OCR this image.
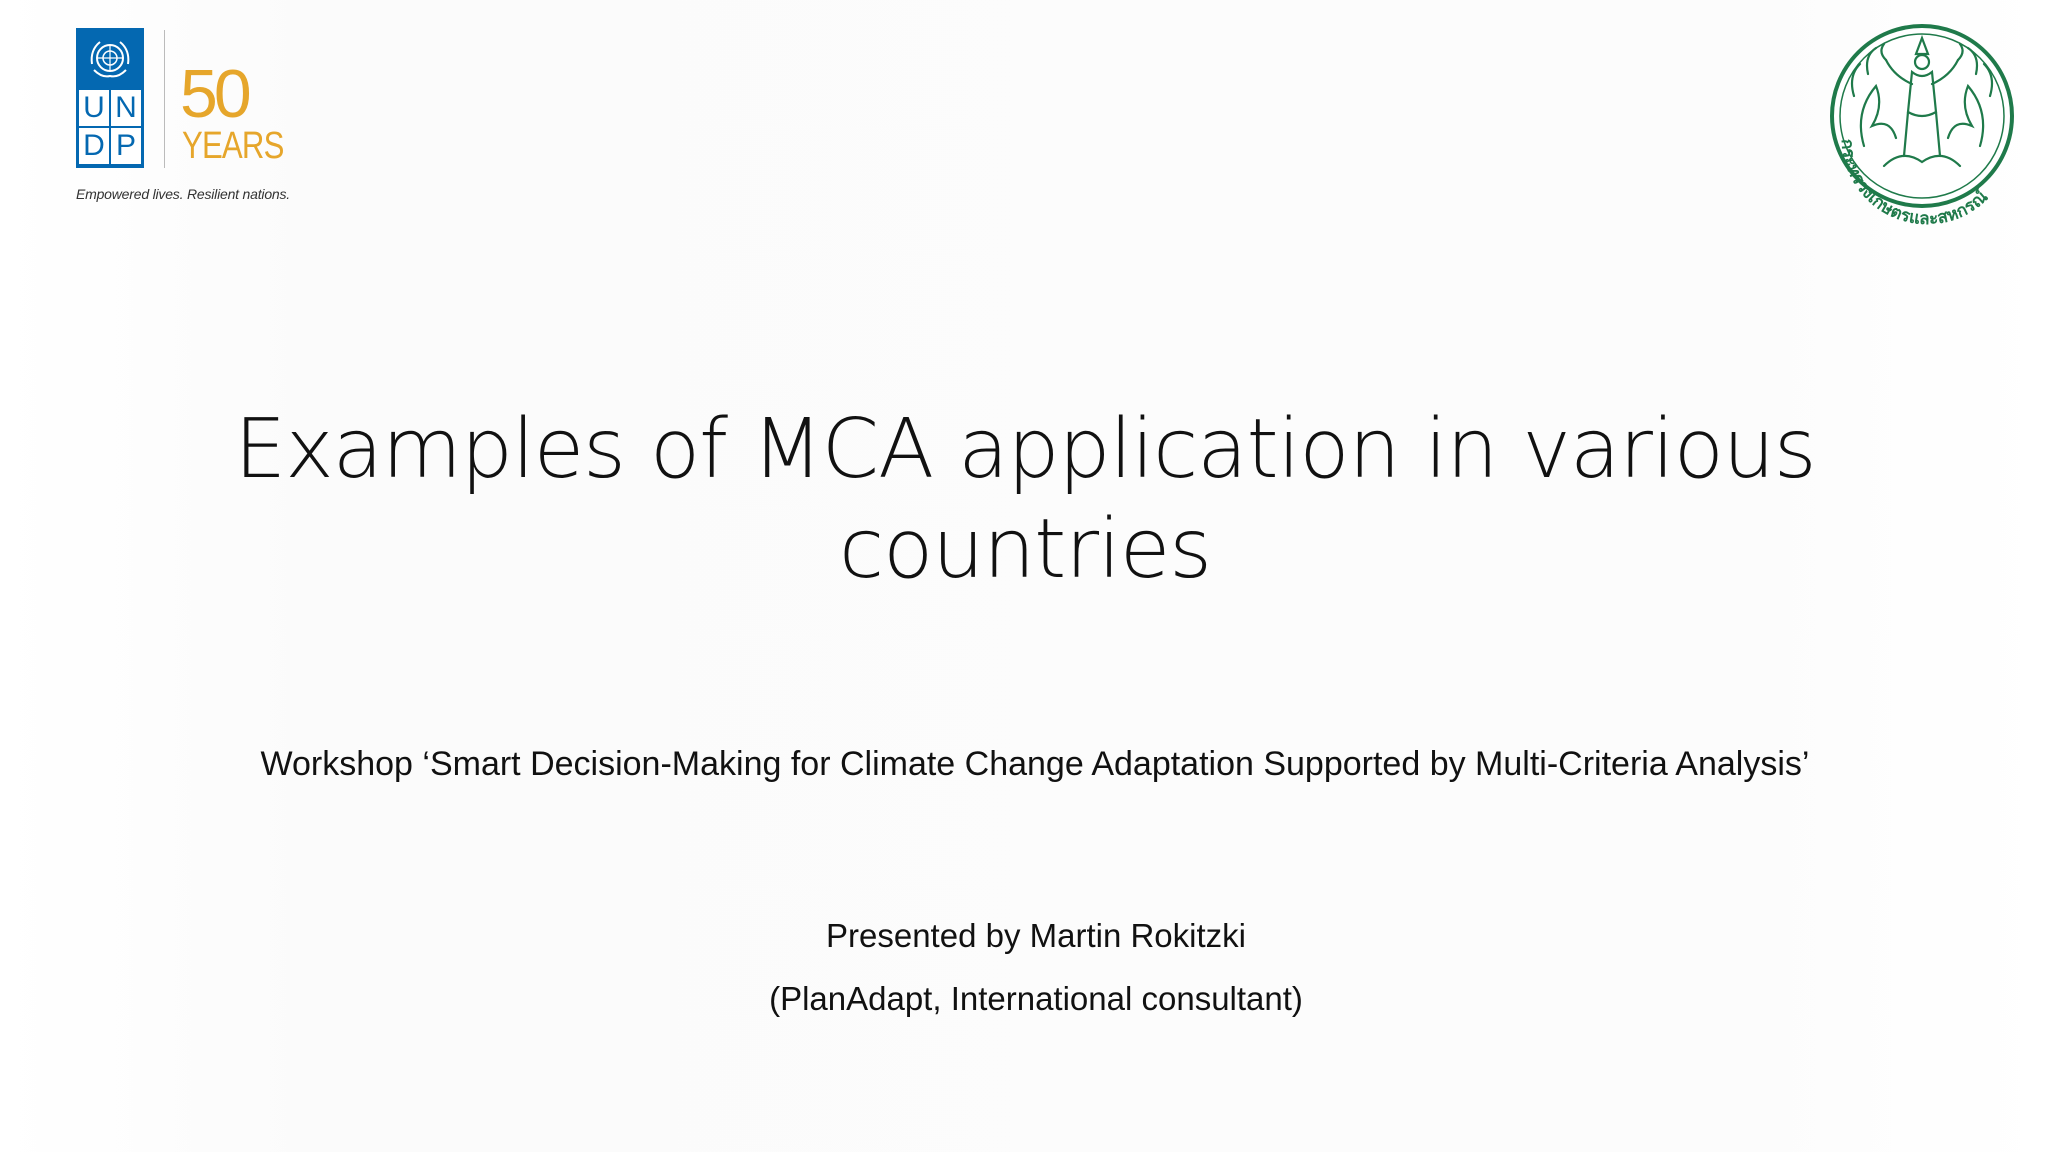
U N
D P
50
YEARS
Empowered lives. Resilient nations.
กระทรวงเกษตรและสหกรณ์
Examples of MCA application in various countries
Workshop ‘Smart Decision-Making for Climate Change Adaptation Supported by Multi-Criteria Analysis’
Presented by Martin Rokitzki
(PlanAdapt, International consultant)
